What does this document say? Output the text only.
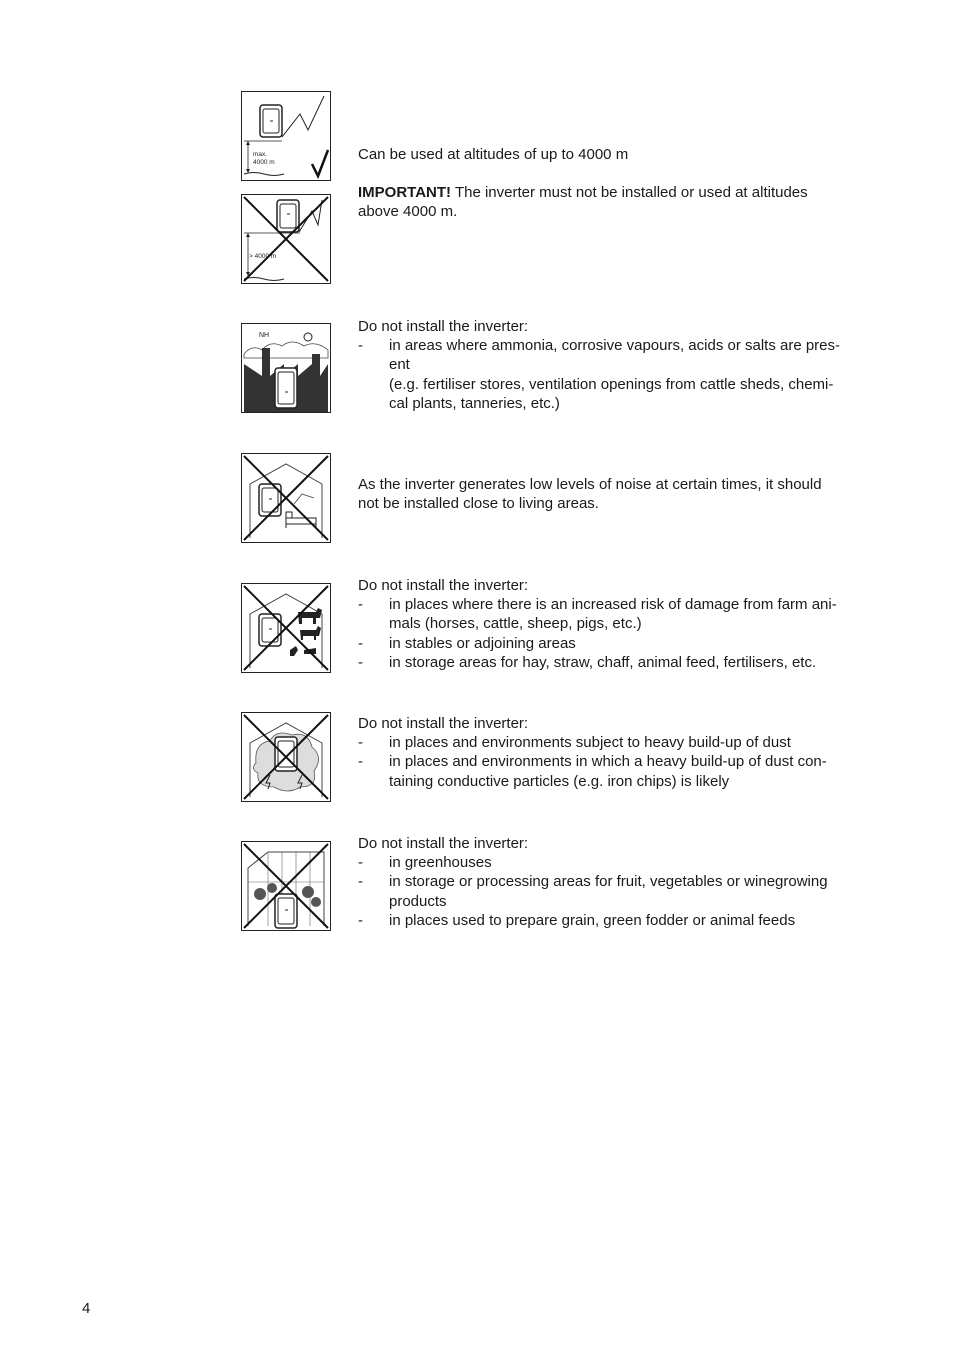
max.
4000 m
> 4000 m

Can be used at altitudes of up to 4000 m

IMPORTANT! The inverter must not be installed or used at altitudes

above 4000 m.

NH

Do not install the inverter:

- in areas where ammonia, corrosive vapours, acids or salts are pres-

ent

(e.g. fertiliser stores, ventilation openings from cattle sheds, chemi-

cal plants, tanneries, etc.)

As the inverter generates low levels of noise at certain times, it should

not be installed close to living areas.

Do not install the inverter:

- in places where there is an increased risk of damage from farm ani-

mals (horses, cattle, sheep, pigs, etc.)

- in stables or adjoining areas

- in storage areas for hay, straw, chaff, animal feed, fertilisers, etc.

Do not install the inverter:

- in places and environments subject to heavy build-up of dust

- in places and environments in which a heavy build-up of dust con-

taining conductive particles (e.g. iron chips) is likely

Do not install the inverter:

- in greenhouses

- in storage or processing areas for fruit, vegetables or winegrowing

products

- in places used to prepare grain, green fodder or animal feeds

4
